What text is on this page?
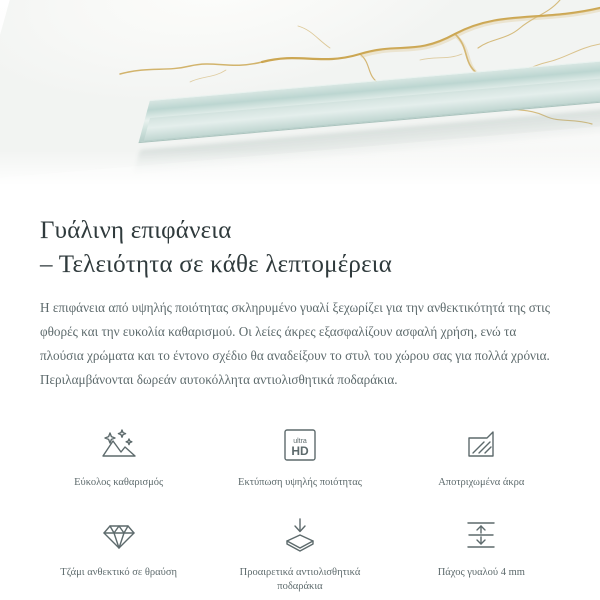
Γυάλινη επιφάνεια
– Τελειότητα σε κάθε λεπτομέρεια

Η επιφάνεια από υψηλής ποιότητας σκληρυμένο γυαλί ξεχωρίζει για την ανθεκτικότητά της στις φθορές και την ευκολία καθαρισμού. Οι λείες άκρες εξασφαλίζουν ασφαλή χρήση, ενώ τα πλούσια χρώματα και το έντονο σχέδιο θα αναδείξουν το στυλ του χώρου σας για πολλά χρόνια. Περιλαμβάνονται δωρεάν αυτοκόλλητα αντιολισθητικά ποδαράκια.

Εύκολος καθαρισμός
ultra
HD
Εκτύπωση υψηλής ποιότητας	Αποτριχωμένα άκρα
Τζάμι ανθεκτικό σε θραύση	Προαιρετικά αντιολισθητικά ποδαράκια
Πάχος γυαλού 4 mm
